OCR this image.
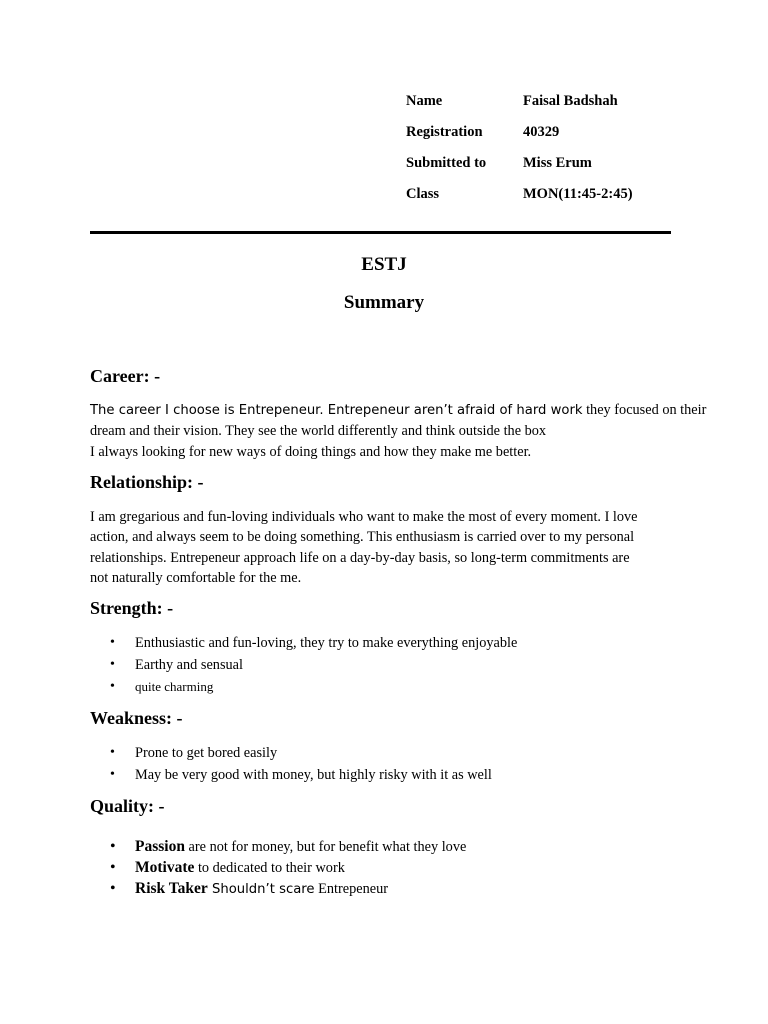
Name	Faisal Badshah
Registration	40329
Submitted to	Miss Erum
Class	MON(11:45-2:45)
ESTJ
Summary
Career: -
The career I choose is Entrepeneur. Entrepeneur aren’t afraid of hard work they focused on their
dream and their vision. They see the world differently and think outside the box
I always looking for new ways of doing things and how they make me better.
Relationship: -
I am gregarious and fun-loving individuals who want to make the most of every moment. I love
action, and always seem to be doing something. This enthusiasm is carried over to my personal
relationships. Entrepeneur approach life on a day-by-day basis, so long-term commitments are
not naturally comfortable for the me.
Strength: -
• Enthusiastic and fun-loving, they try to make everything enjoyable
• Earthy and sensual
• quite charming
Weakness: -
• Prone to get bored easily
• May be very good with money, but highly risky with it as well
Quality: -
• Passion are not for money, but for benefit what they love
• Motivate to dedicated to their work
• Risk Taker Shouldn’t scare Entrepeneur
